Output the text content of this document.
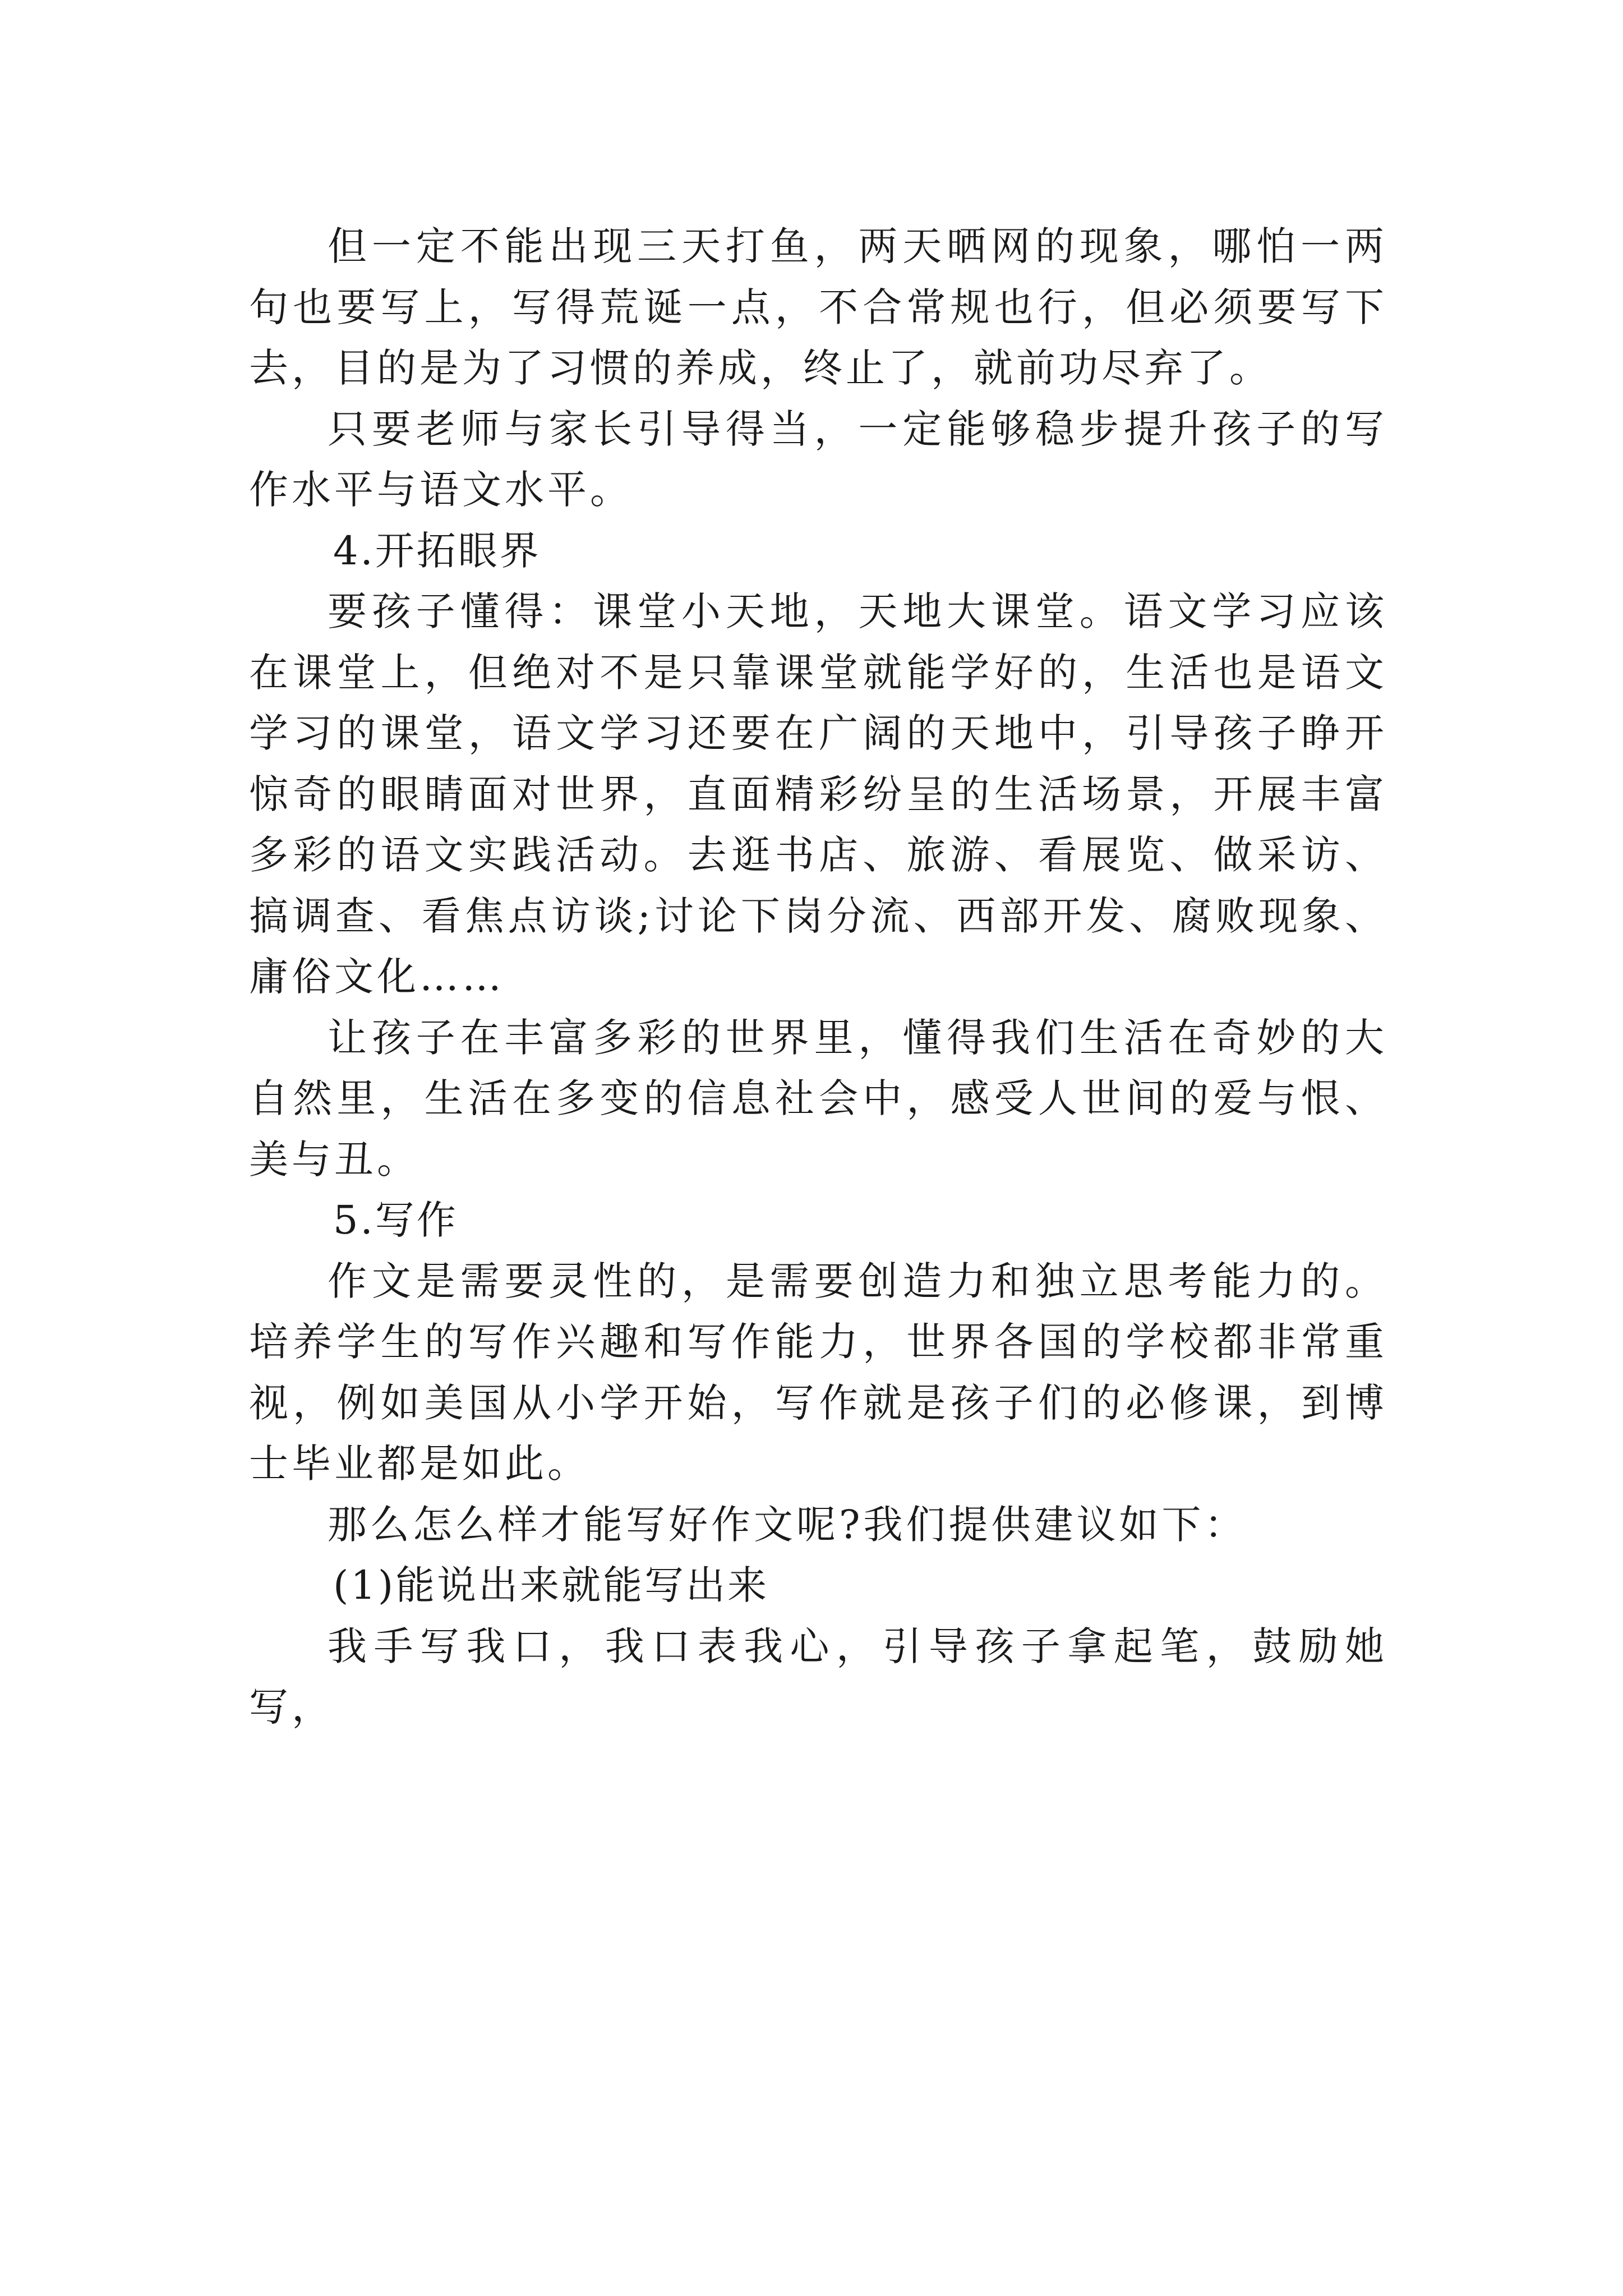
但一定不能出现三天打鱼，两天晒网的现象，哪怕一两句也要写上，写得荒诞一点，不合常规也行，但必须要写下去，目的是为了习惯的养成，终止了，就前功尽弃了。

只要老师与家长引导得当，一定能够稳步提升孩子的写作水平与语文水平。

4.开拓眼界

要孩子懂得：课堂小天地，天地大课堂。语文学习应该在课堂上，但绝对不是只靠课堂就能学好的，生活也是语文学习的课堂，语文学习还要在广阔的天地中，引导孩子睁开惊奇的眼睛面对世界，直面精彩纷呈的生活场景，开展丰富多彩的语文实践活动。去逛书店、旅游、看展览、做采访、搞调查、看焦点访谈;讨论下岗分流、西部开发、腐败现象、庸俗文化……

让孩子在丰富多彩的世界里，懂得我们生活在奇妙的大自然里，生活在多变的信息社会中，感受人世间的爱与恨、美与丑。

5.写作

作文是需要灵性的，是需要创造力和独立思考能力的。培养学生的写作兴趣和写作能力，世界各国的学校都非常重视，例如美国从小学开始，写作就是孩子们的必修课，到博士毕业都是如此。

那么怎么样才能写好作文呢?我们提供建议如下：

(1)能说出来就能写出来

我手写我口，我口表我心，引导孩子拿起笔，鼓励她写，
